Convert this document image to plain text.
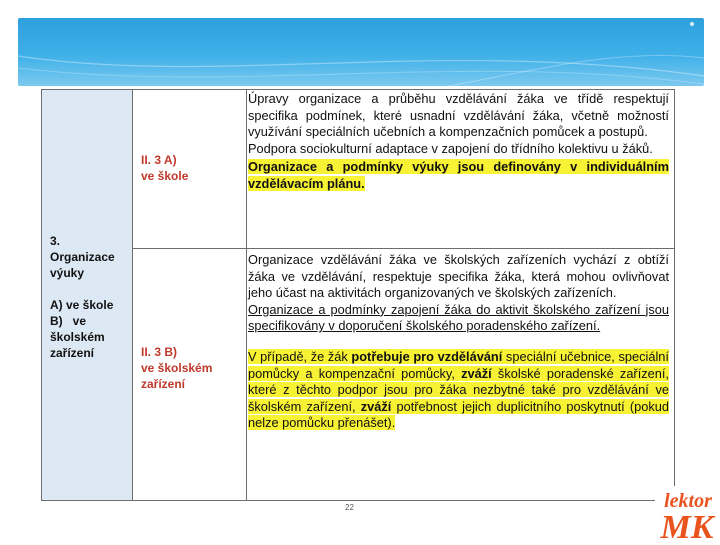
3.
Organizace
výuky
A) ve škole
B)   ve
školském
zařízení
II. 3 A)
ve škole

Úpravy organizace a průběhu vzdělávání žáka ve třídě respektují specifika podmínek, které usnadní vzdělávání žáka, včetně možností využívání speciálních učebních a kompenzačních pomůcek a postupů.

Podpora sociokulturní adaptace v zapojení do třídního kolektivu u žáků.

Organizace a podmínky výuky jsou definovány v individuálním vzdělávacím plánu.

II. 3 B)
ve školském
zařízení

Organizace vzdělávání žáka ve školských zařízeních vychází z obtíží žáka ve vzdělávání, respektuje specifika žáka, která mohou ovlivňovat jeho účast na aktivitách organizovaných ve školských zařízeních.

Organizace a podmínky zapojení žáka do aktivit školského zařízení jsou specifikovány v doporučení školského poradenského zařízení.

V případě, že žák potřebuje pro vzdělávání speciální učebnice, speciální pomůcky a kompenzační pomůcky, zváží školské poradenské zařízení, které z těchto podpor jsou pro žáka nezbytné také pro vzdělávání ve školském zařízení, zváží potřebnost jejich duplicitního poskytnutí (pokud nelze pomůcku přenášet).

22	lektor
MK
